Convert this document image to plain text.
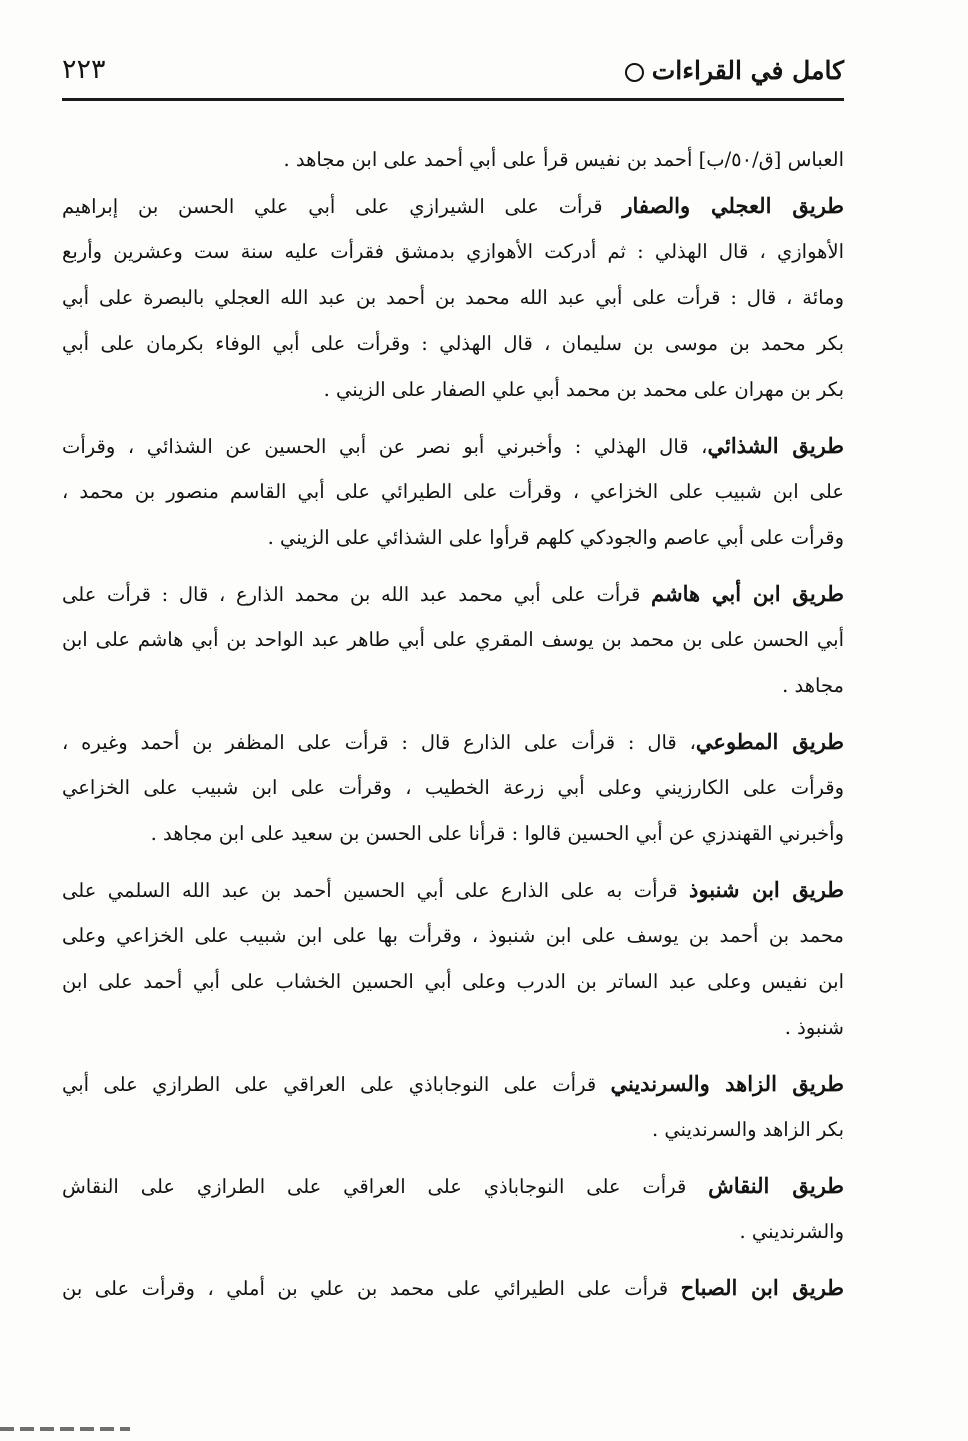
كامل في القراءات
٢٢٣
العباس [ق/٥٠/ب] أحمد بن نفيس قرأ على أبي أحمد على ابن مجاهد .
طريق العجلي والصفار قرأت على الشيرازي على أبي علي الحسن بن إبراهيم
الأهوازي ، قال الهذلي : ثم أدركت الأهوازي بدمشق فقرأت عليه سنة ست وعشرين وأربع
ومائة ، قال : قرأت على أبي عبد الله محمد بن أحمد بن عبد الله العجلي بالبصرة على أبي
بكر محمد بن موسى بن سليمان ، قال الهذلي : وقرأت على أبي الوفاء بكرمان على أبي
بكر بن مهران على محمد بن محمد أبي علي الصفار على الزيني .
طريق الشذائي، قال الهذلي : وأخبرني أبو نصر عن أبي الحسين عن الشذائي ، وقرأت
على ابن شبيب على الخزاعي ، وقرأت على الطيرائي على أبي القاسم منصور بن محمد ،
وقرأت على أبي عاصم والجودكي كلهم قرأوا على الشذائي على الزيني .
طريق ابن أبي هاشم قرأت على أبي محمد عبد الله بن محمد الذارع ، قال : قرأت على
أبي الحسن على بن محمد بن يوسف المقري على أبي طاهر عبد الواحد بن أبي هاشم على ابن
مجاهد .
طريق المطوعي، قال : قرأت على الذارع قال : قرأت على المظفر بن أحمد وغيره ،
وقرأت على الكارزيني وعلى أبي زرعة الخطيب ، وقرأت على ابن شبيب على الخزاعي
وأخبرني القهندزي عن أبي الحسين قالوا : قرأنا على الحسن بن سعيد على ابن مجاهد .
طريق ابن شنبوذ قرأت به على الذارع على أبي الحسين أحمد بن عبد الله السلمي على
محمد بن أحمد بن يوسف على ابن شنبوذ ، وقرأت بها على ابن شبيب على الخزاعي وعلى
ابن نفيس وعلى عبد الساتر بن الدرب وعلى أبي الحسين الخشاب على أبي أحمد على ابن
شنبوذ .
طريق الزاهد والسرنديني قرأت على النوجاباذي على العراقي على الطرازي على أبي
بكر الزاهد والسرنديني .
طريق النقاش قرأت على النوجاباذي على العراقي على الطرازي على النقاش
والشرنديني .
طريق ابن الصباح قرأت على الطيرائي على محمد بن علي بن أملي ، وقرأت على بن
